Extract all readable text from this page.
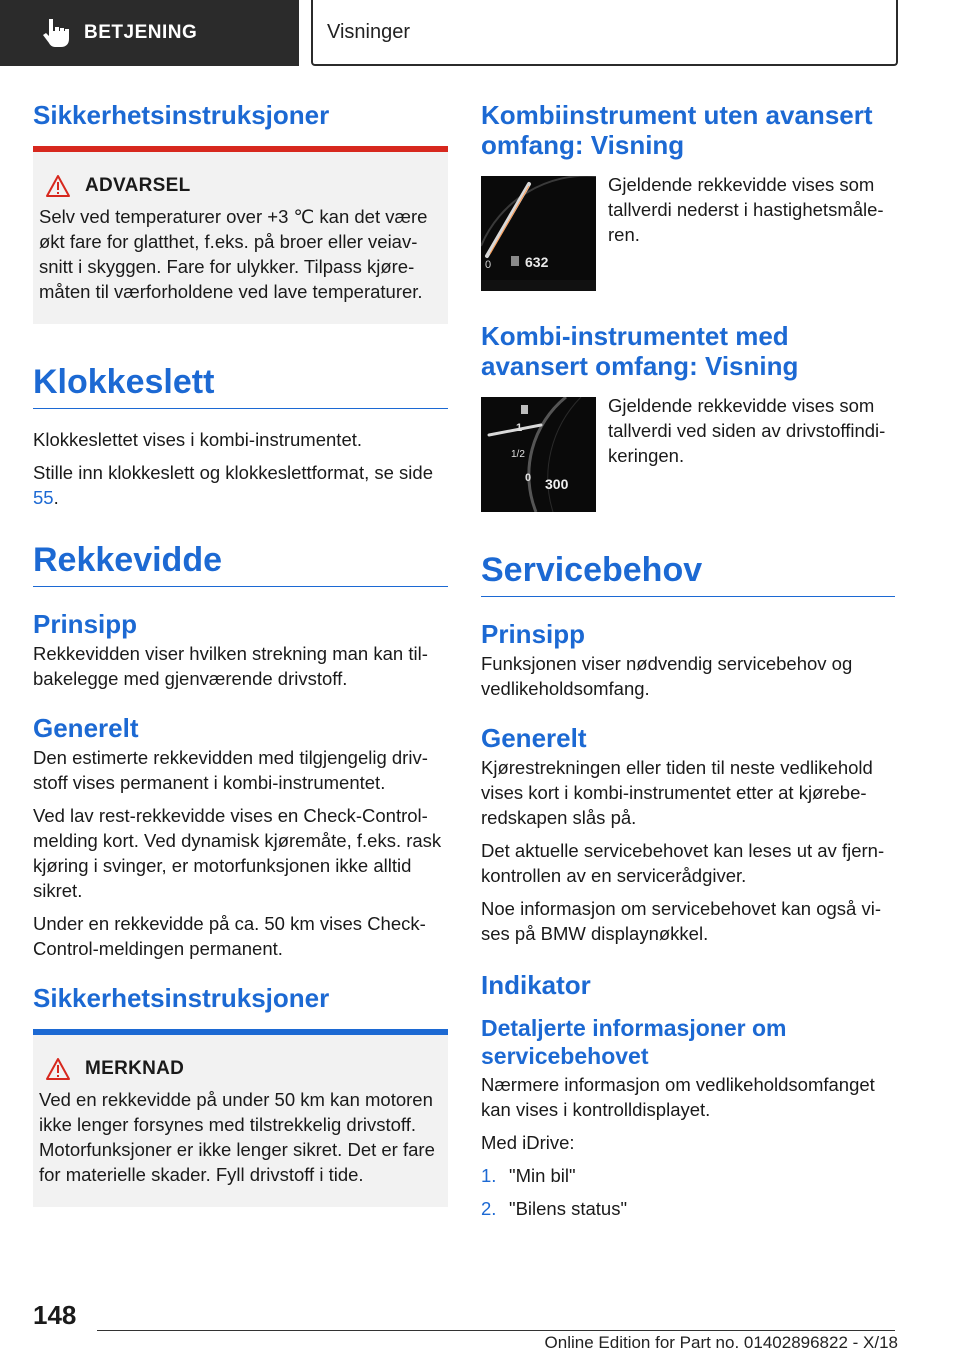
BETJENING	Visninger
Sikkerhetsinstruksjoner
ADVARSEL

Selv ved temperaturer over +3 ℃ kan det være økt fare for glatthet, f.eks. på broer eller veiavsnitt i skyggen. Fare for ulykker. Tilpass kjøremåten til værforholdene ved lave temperaturer.

Klokkeslett

Klokkeslettet vises i kombi-instrumentet.

Stille inn klokkeslett og klokkeslettformat, se side 55.

Rekkevidde
Prinsipp

Rekkevidden viser hvilken strekning man kan tilbakelegge med gjenværende drivstoff.

Generelt

Den estimerte rekkevidden med tilgjengelig drivstoff vises permanent i kombi-instrumentet.

Ved lav rest-rekkevidde vises en Check-Control-melding kort. Ved dynamisk kjøremåte, f.eks. rask kjøring i svinger, er motorfunksjonen ikke alltid sikret.

Under en rekkevidde på ca. 50 km vises Check-Control-meldingen permanent.

Sikkerhetsinstruksjoner
MERKNAD

Ved en rekkevidde på under 50 km kan motoren ikke lenger forsynes med tilstrekkelig drivstoff. Motorfunksjoner er ikke lenger sikret. Det er fare for materielle skader. Fyll drivstoff i tide.

Kombiinstrument uten avansert omfang: Visning
0 632

Gjeldende rekkevidde vises som tallverdi nederst i hastighetsmåleren.

Kombi-instrumentet med avansert omfang: Visning
1
1/2
0 300

Gjeldende rekkevidde vises som tallverdi ved siden av drivstoffindikeringen.

Servicebehov
Prinsipp

Funksjonen viser nødvendig servicebehov og vedlikeholdsomfang.

Generelt

Kjørestrekningen eller tiden til neste vedlikehold vises kort i kombi-instrumentet etter at kjøreberedskapen slås på.

Det aktuelle servicebehovet kan leses ut av fjernkontrollen av en servicerådgiver.

Noe informasjon om servicebehovet kan også vises på BMW displaynøkkel.

Indikator
Detaljerte informasjoner om servicebehovet

Nærmere informasjon om vedlikeholdsomfanget kan vises i kontrolldisplayet.

Med iDrive:

1. "Min bil"
2. "Bilens status"
148
Online Edition for Part no. 01402896822 - X/18
